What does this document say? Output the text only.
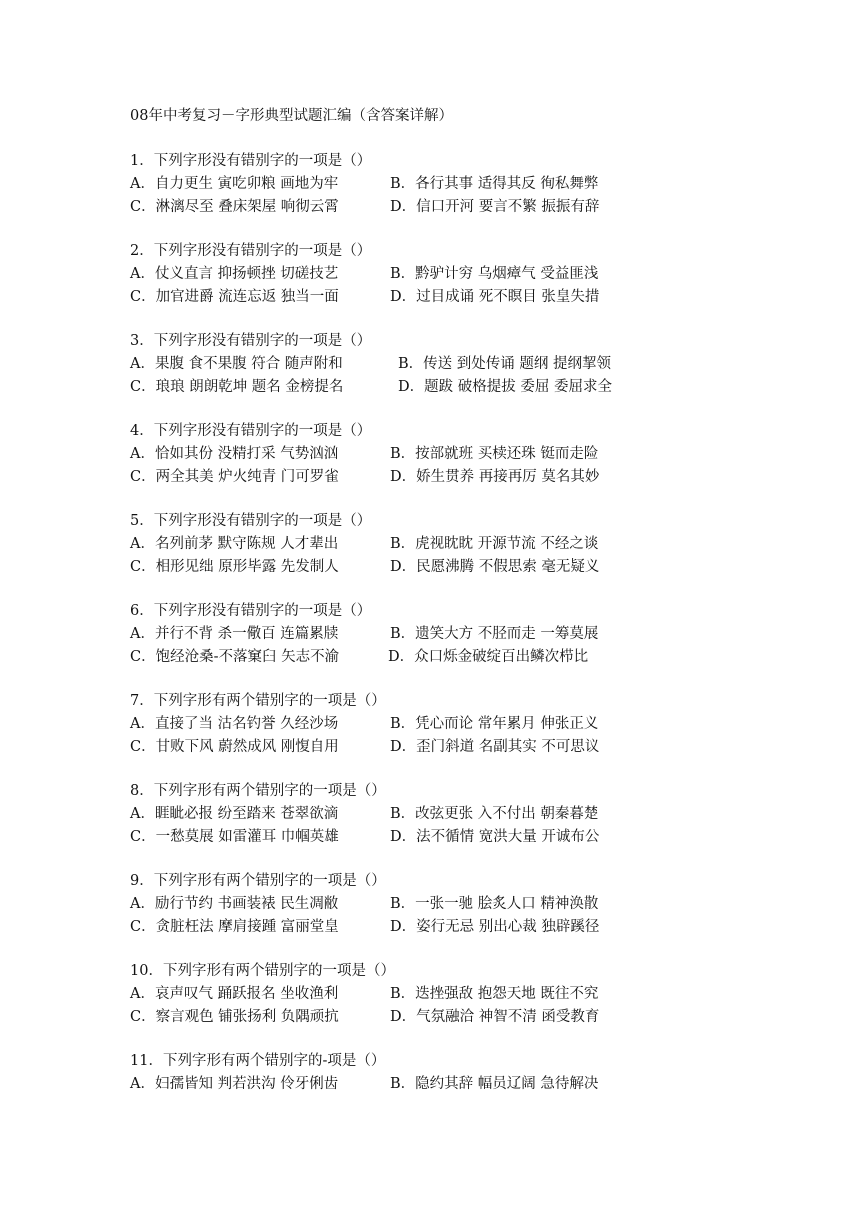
08年中考复习－字形典型试题汇编（含答案详解）
1．下列字形没有错别字的一项是（）
A．自力更生 寅吃卯粮 画地为牢	B．各行其事 适得其反 徇私舞弊
C．淋漓尽至 叠床架屋 响彻云霄	D．信口开河 要言不繁 振振有辞
2．下列字形没有错别字的一项是（）
A．仗义直言 抑扬顿挫 切磋技艺	B．黔驴计穷 乌烟瘴气 受益匪浅
C．加官进爵 流连忘返 独当一面	D．过目成诵 死不瞑目 张皇失措
3．下列字形没有错别字的一项是（）
A．果腹 食不果腹 符合 随声附和	B．传送 到处传诵 题纲 提纲挈领
C．琅琅 朗朗乾坤 题名 金榜提名	D．题跋 破格提拔 委屈 委屈求全
4．下列字形没有错别字的一项是（）
A．恰如其份 没精打采 气势汹汹	B．按部就班 买椟还珠 铤而走险
C．两全其美 炉火纯青 门可罗雀	D．娇生贯养 再接再厉 莫名其妙
5．下列字形没有错别字的一项是（）
A．名列前茅 默守陈规 人才辈出	B．虎视眈眈 开源节流 不经之谈
C．相形见绌 原形毕露 先发制人	D．民愿沸腾 不假思索 毫无疑义
6．下列字形没有错别字的一项是（）
A．并行不背 杀一儆百 连篇累牍	B．遗笑大方 不胫而走 一筹莫展
C．饱经沧桑-不落窠臼 矢志不渝	D．众口烁金破绽百出鳞次栉比
7．下列字形有两个错别字的一项是（）
A．直接了当 沽名钓誉 久经沙场	B．凭心而论 常年累月 伸张正义
C．甘败下风 蔚然成风 刚愎自用	D．歪门斜道 名副其实 不可思议
8．下列字形有两个错别字的一项是（）
A．睚眦必报 纷至踏来 苍翠欲滴	B．改弦更张 入不付出 朝秦暮楚
C．一愁莫展 如雷灌耳 巾帼英雄	D．法不循情 宽洪大量 开诚布公
9．下列字形有两个错别字的一项是（）
A．励行节约 书画装裱 民生凋敝	B．一张一驰 脍炙人口 精神涣散
C．贪脏枉法 摩肩接踵 富丽堂皇	D．姿行无忌 别出心裁 独辟蹊径
10．下列字形有两个错别字的一项是（）
A．哀声叹气 踊跃报名 坐收渔利	B．迭挫强敌 抱怨天地 既往不究
C．察言观色 铺张扬利 负隅顽抗	D．气氛融洽 神智不清 函受教育
11．下列字形有两个错别字的-项是（）
A．妇孺皆知 判若洪沟 伶牙俐齿	B．隐约其辞 幅员辽阔 急待解决
